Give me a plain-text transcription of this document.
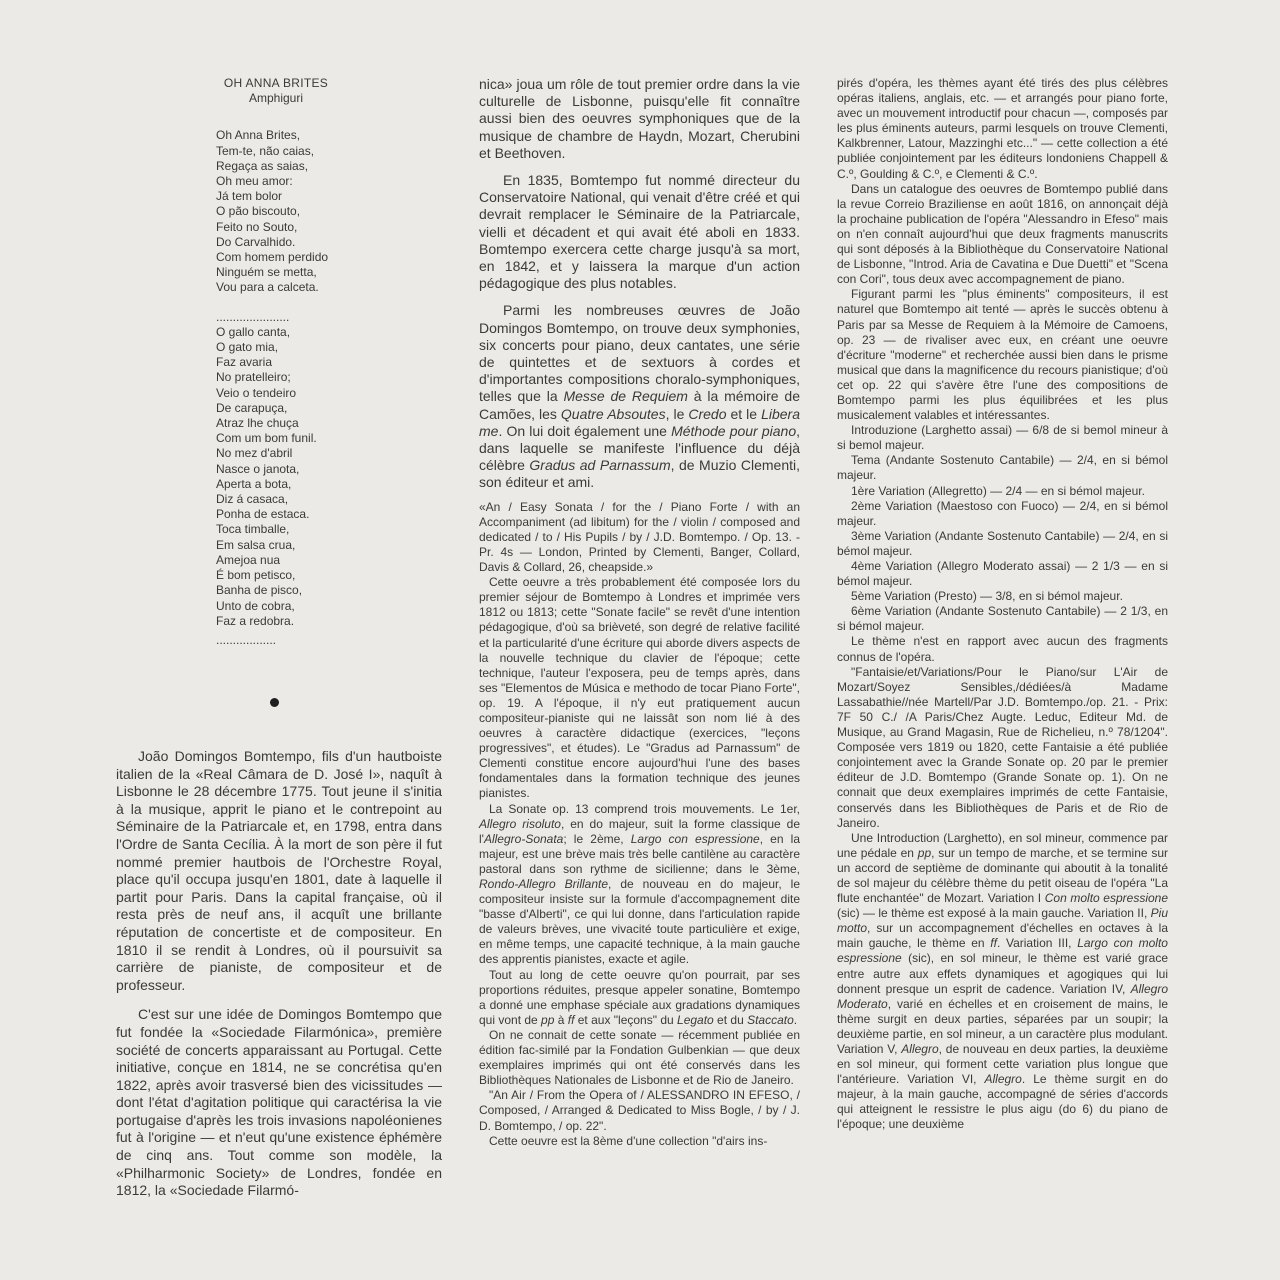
OH ANNA BRITES
Amphiguri
Oh Anna Brites,
Tem-te, não caias,
Regaça as saias,
Oh meu amor:
Já tem bolor
O pão biscouto,
Feito no Souto,
Do Carvalhido.
Com homem perdido
Ninguém se metta,
Vou para a calceta.
......................
O gallo canta,
O gato mia,
Faz avaria
No pratelleiro;
Veio o tendeiro
De carapuça,
Atraz lhe chuça
Com um bom funil.
No mez d'abril
Nasce o janota,
Aperta a bota,
Diz á casaca,
Ponha de estaca.
Toca timballe,
Em salsa crua,
Amejoa nua
É bom petisco,
Banha de pisco,
Unto de cobra,
Faz a redobra.
..................

João Domingos Bomtempo, fils d'un hautboiste italien de la «Real Câmara de D. José I», naquît à Lisbonne le 28 décembre 1775. Tout jeune il s'initia à la musique, apprit le piano et le contrepoint au Séminaire de la Patriarcale et, en 1798, entra dans l'Ordre de Santa Cecília. À la mort de son père il fut nommé premier hautbois de l'Orchestre Royal, place qu'il occupa jusqu'en 1801, date à laquelle il partit pour Paris. Dans la capital française, où il resta près de neuf ans, il acquît une brillante réputation de concertiste et de compositeur. En 1810 il se rendit à Londres, où il poursuivit sa carrière de pianiste, de compositeur et de professeur.

C'est sur une idée de Domingos Bomtempo que fut fondée la «Sociedade Filarmónica», première société de concerts apparaissant au Portugal. Cette initiative, conçue en 1814, ne se concrétisa qu'en 1822, après avoir trasversé bien des vicissitudes — dont l'état d'agitation politique qui caractérisa la vie portugaise d'après les trois invasions napoléonienes fut à l'origine — et n'eut qu'une existence éphémère de cinq ans. Tout comme son modèle, la «Philharmonic Society» de Londres, fondée en 1812, la «Sociedade Filarmó-

nica» joua um rôle de tout premier ordre dans la vie culturelle de Lisbonne, puisqu'elle fit connaître aussi bien des oeuvres symphoniques que de la musique de chambre de Haydn, Mozart, Cherubini et Beethoven.

En 1835, Bomtempo fut nommé directeur du Conservatoire National, qui venait d'être créé et qui devrait remplacer le Séminaire de la Patriarcale, vielli et décadent et qui avait été aboli en 1833. Bomtempo exercera cette charge jusqu'à sa mort, en 1842, et y laissera la marque d'un action pédagogique des plus notables.

Parmi les nombreuses œuvres de João Domingos Bomtempo, on trouve deux symphonies, six concerts pour piano, deux cantates, une série de quintettes et de sextuors à cordes et d'importantes compositions choralo-symphoniques, telles que la Messe de Requiem à la mémoire de Camões, les Quatre Absoutes, le Credo et le Libera me. On lui doit également une Méthode pour piano, dans laquelle se manifeste l'influence du déjà célèbre Gradus ad Parnassum, de Muzio Clementi, son éditeur et ami.

«An / Easy Sonata / for the / Piano Forte / with an Accompaniment (ad libitum) for the / violin / composed and dedicated / to / His Pupils / by / J.D. Bomtempo. / Op. 13. - Pr. 4s — London, Printed by Clementi, Banger, Collard, Davis & Collard, 26, cheapside.»

Cette oeuvre a très probablement été composée lors du premier séjour de Bomtempo à Londres et imprimée vers 1812 ou 1813; cette "Sonate facile" se revêt d'une intention pédagogique, d'où sa brièveté, son degré de relative facilité et la particularité d'une écriture qui aborde divers aspects de la nouvelle technique du clavier de l'époque; cette technique, l'auteur l'exposera, peu de temps après, dans ses "Elementos de Música e methodo de tocar Piano Forte", op. 19. A l'époque, il n'y eut pratiquement aucun compositeur-pianiste qui ne laissât son nom lié à des oeuvres à caractère didactique (exercices, "leçons progressives", et études). Le "Gradus ad Parnassum" de Clementi constitue encore aujourd'hui l'une des bases fondamentales dans la formation technique des jeunes pianistes.

La Sonate op. 13 comprend trois mouvements. Le 1er, Allegro risoluto, en do majeur, suit la forme classique de l'Allegro-Sonata; le 2ème, Largo con espressione, en la majeur, est une brève mais très belle cantilène au caractère pastoral dans son rythme de sicilienne; dans le 3ème, Rondo-Allegro Brillante, de nouveau en do majeur, le compositeur insiste sur la formule d'accompagnement dite "basse d'Alberti", ce qui lui donne, dans l'articulation rapide de valeurs brèves, une vivacité toute particulière et exige, en même temps, une capacité technique, à la main gauche des apprentis pianistes, exacte et agile.

Tout au long de cette oeuvre qu'on pourrait, par ses proportions réduites, presque appeler sonatine, Bomtempo a donné une emphase spéciale aux gradations dynamiques qui vont de pp à ff et aux "leçons" du Legato et du Staccato.

On ne connait de cette sonate — récemment publiée en édition fac-similé par la Fondation Gulbenkian — que deux exemplaires imprimés qui ont été conservés dans les Bibliothèques Nationales de Lisbonne et de Rio de Janeiro.

"An Air / From the Opera of / ALESSANDRO IN EFESO, / Composed, / Arranged & Dedicated to Miss Bogle, / by / J. D. Bomtempo, / op. 22".

Cette oeuvre est la 8ème d'une collection "d'airs ins-

pirés d'opéra, les thèmes ayant été tirés des plus célèbres opéras italiens, anglais, etc. — et arrangés pour piano forte, avec un mouvement introductif pour chacun —, composés par les plus éminents auteurs, parmi lesquels on trouve Clementi, Kalkbrenner, Latour, Mazzinghi etc..." — cette collection a été publiée conjointement par les éditeurs londoniens Chappell & C.º, Goulding & C.º, e Clementi & C.º.

Dans un catalogue des oeuvres de Bomtempo publié dans la revue Correio Braziliense en août 1816, on annonçait déjà la prochaine publication de l'opéra "Alessandro in Efeso" mais on n'en connaît aujourd'hui que deux fragments manuscrits qui sont déposés à la Bibliothèque du Conservatoire National de Lisbonne, "Introd. Aria de Cavatina e Due Duetti" et "Scena con Cori", tous deux avec accompagnement de piano.

Figurant parmi les "plus éminents" compositeurs, il est naturel que Bomtempo ait tenté — après le succès obtenu à Paris par sa Messe de Requiem à la Mémoire de Camoens, op. 23 — de rivaliser avec eux, en créant une oeuvre d'écriture "moderne" et recherchée aussi bien dans le prisme musical que dans la magnificence du recours pianistique; d'où cet op. 22 qui s'avère être l'une des compositions de Bomtempo parmi les plus équilibrées et les plus musicalement valables et intéressantes.

Introduzione (Larghetto assai) — 6/8 de si bemol mineur à si bemol majeur.

Tema (Andante Sostenuto Cantabile) — 2/4, en si bémol majeur.

1ère Variation (Allegretto) — 2/4 — en si bémol majeur.

2ème Variation (Maestoso con Fuoco) — 2/4, en si bémol majeur.

3ème Variation (Andante Sostenuto Cantabile) — 2/4, en si bémol majeur.

4ème Variation (Allegro Moderato assai) — 2 1/3 — en si bémol majeur.

5ème Variation (Presto) — 3/8, en si bémol majeur.

6ème Variation (Andante Sostenuto Cantabile) — 2 1/3, en si bémol majeur.

Le thème n'est en rapport avec aucun des fragments connus de l'opéra.

"Fantaisie/et/Variations/Pour le Piano/sur L'Air de Mozart/Soyez Sensibles,/dédiées/à Madame Lassabathie//née Martell/Par J.D. Bomtempo./op. 21. - Prix: 7F 50 C./ /A Paris/Chez Augte. Leduc, Editeur Md. de Musique, au Grand Magasin, Rue de Richelieu, n.º 78/1204". Composée vers 1819 ou 1820, cette Fantaisie a été publiée conjointement avec la Grande Sonate op. 20 par le premier éditeur de J.D. Bomtempo (Grande Sonate op. 1). On ne connait que deux exemplaires imprimés de cette Fantaisie, conservés dans les Bibliothèques de Paris et de Rio de Janeiro.

Une Introduction (Larghetto), en sol mineur, commence par une pédale en pp, sur un tempo de marche, et se termine sur un accord de septième de dominante qui aboutit à la tonalité de sol majeur du célèbre thème du petit oiseau de l'opéra "La flute enchantée" de Mozart. Variation I Con molto espressione (sic) — le thème est exposé à la main gauche. Variation II, Piu motto, sur un accompagnement d'échelles en octaves à la main gauche, le thème en ff. Variation III, Largo con molto espressione (sic), en sol mineur, le thème est varié grace entre autre aux effets dynamiques et agogiques qui lui donnent presque un esprit de cadence. Variation IV, Allegro Moderato, varié en échelles et en croisement de mains, le thème surgit en deux parties, séparées par un soupir; la deuxième partie, en sol mineur, a un caractère plus modulant. Variation V, Allegro, de nouveau en deux parties, la deuxième en sol mineur, qui forment cette variation plus longue que l'antérieure. Variation VI, Allegro. Le thème surgit en do majeur, à la main gauche, accompagné de séries d'accords qui atteignent le ressistre le plus aigu (do 6) du piano de l'époque; une deuxième
